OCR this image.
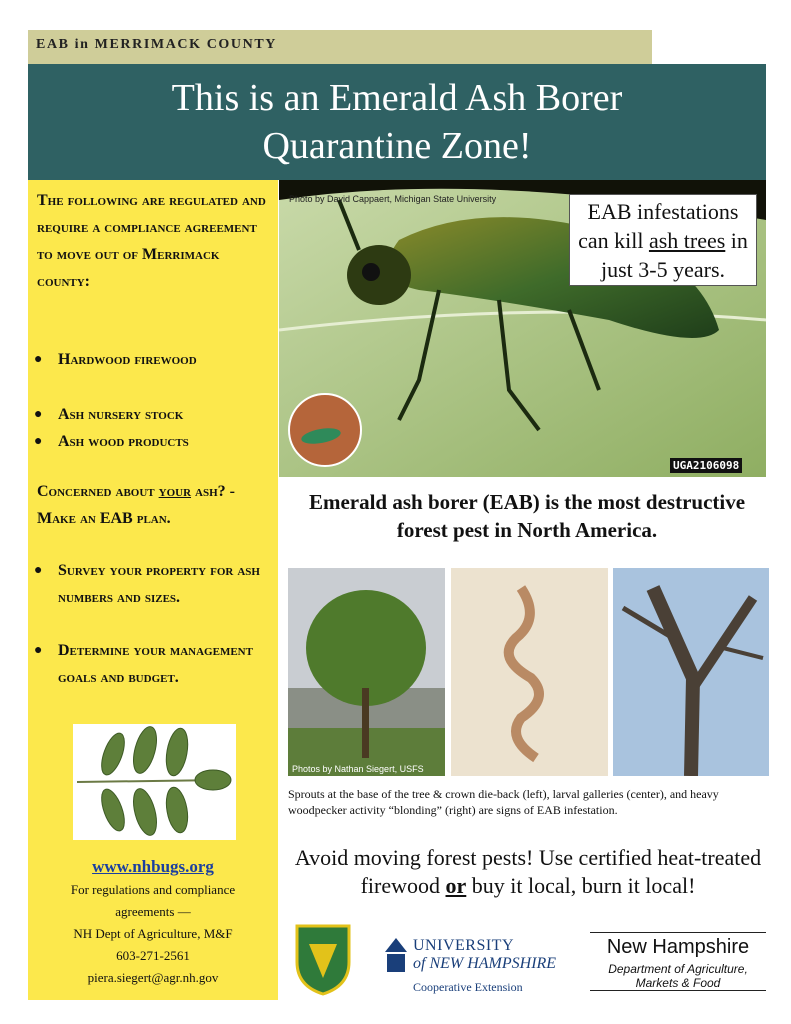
EAB in MERRIMACK COUNTY
This is an Emerald Ash Borer
Quarantine Zone!
The following are regulated and require a compliance agreement to move out of Merrimack county:
● Hardwood firewood
● Ash nursery stock
● Ash wood products
Concerned about your ash? - Make an EAB plan.
● Survey your property for ash numbers and sizes.
● Determine your management goals and budget.
www.nhbugs.org
For regulations and compliance
agreements —
NH Dept of Agriculture, M&F
603-271-2561
piera.siegert@agr.nh.gov
Photo by David Cappaert, Michigan State University	EAB infestations can kill ash trees in just 3-5 years.
UGA2106098
Emerald ash borer (EAB) is the most destructive forest pest in North America.
Photos by Nathan Siegert, USFS
Sprouts at the base of the tree & crown die-back (left), larval galleries (center), and heavy woodpecker activity “blonding” (right) are signs of EAB infestation.
Avoid moving forest pests! Use certified heat-treated firewood or buy it local, burn it local!
UNIVERSITY
of NEW HAMPSHIRE
Cooperative Extension
New Hampshire
Department of Agriculture, Markets & Food
